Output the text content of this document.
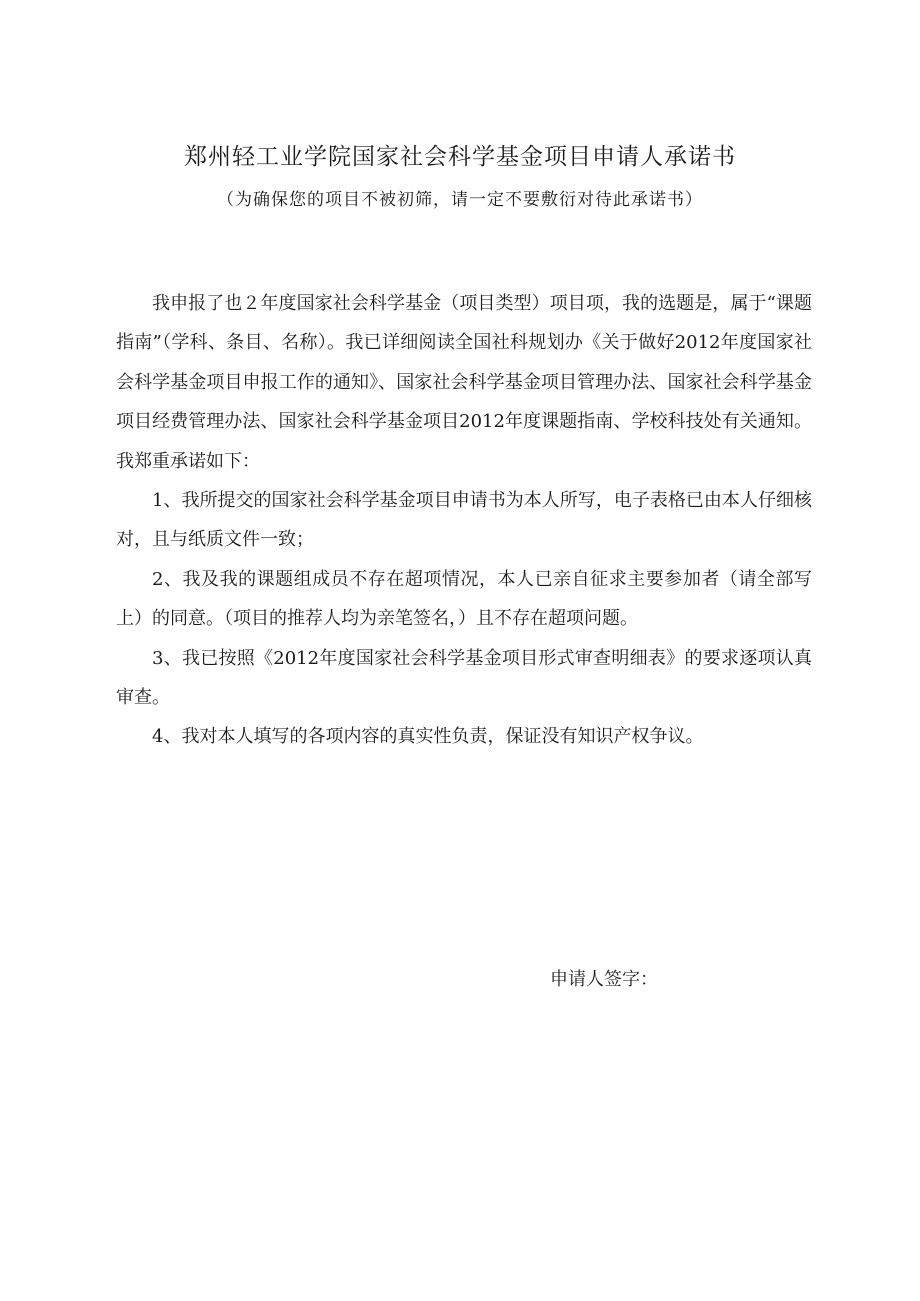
郑州轻工业学院国家社会科学基金项目申请人承诺书
（为确保您的项目不被初筛，请一定不要敷衍对待此承诺书）

我申报了也２年度国家社会科学基金（项目类型）项目项，我的选题是，属于“课题指南”（学科、条目、名称）。我已详细阅读全国社科规划办《关于做好2012年度国家社会科学基金项目申报工作的通知》、国家社会科学基金项目管理办法、国家社会科学基金项目经费管理办法、国家社会科学基金项目2012年度课题指南、学校科技处有关通知。我郑重承诺如下：

1、我所提交的国家社会科学基金项目申请书为本人所写，电子表格已由本人仔细核对，且与纸质文件一致；

2、我及我的课题组成员不存在超项情况，本人已亲自征求主要参加者（请全部写上）的同意。（项目的推荐人均为亲笔签名，）且不存在超项问题。

3、我已按照《2012年度国家社会科学基金项目形式审查明细表》的要求逐项认真审查。

4、我对本人填写的各项内容的真实性负责，保证没有知识产权争议。

申请人签字：
